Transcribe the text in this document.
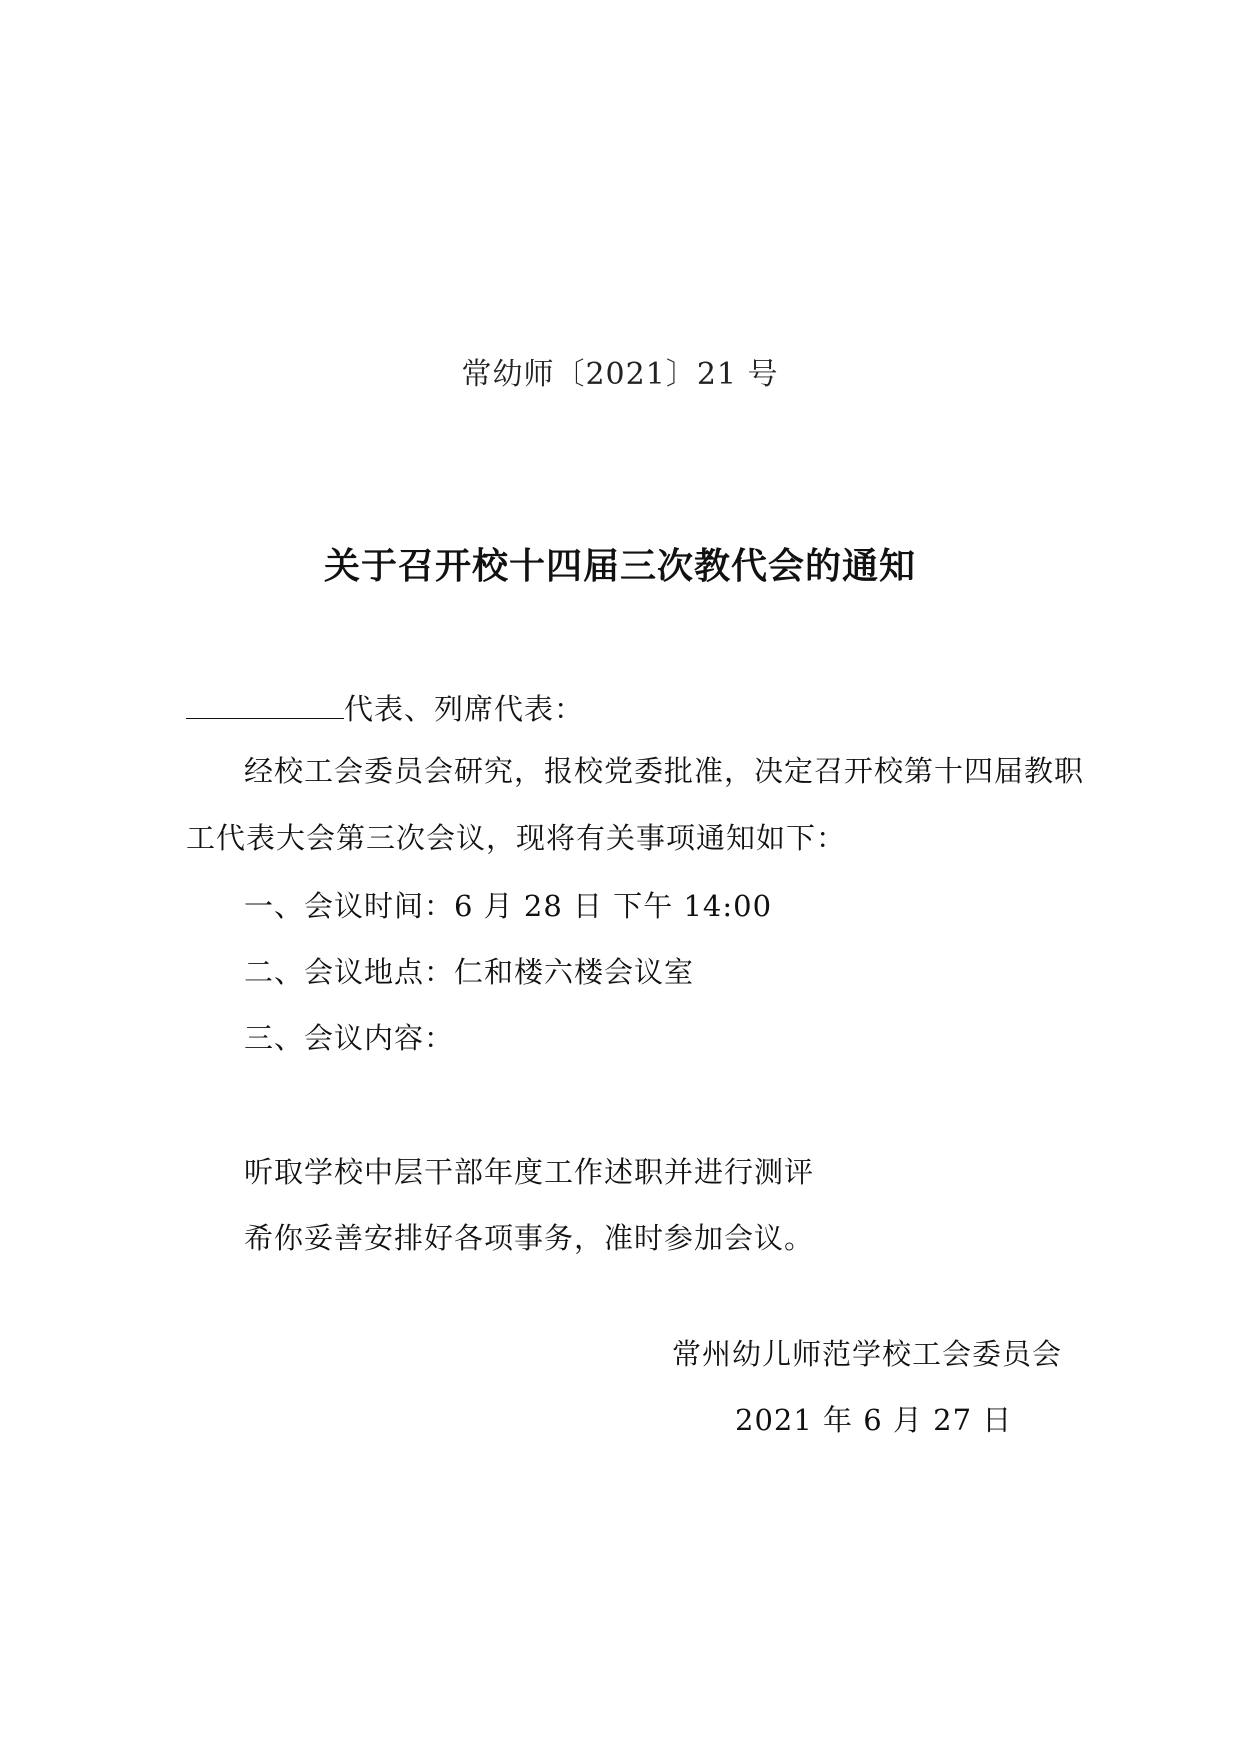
常幼师〔2021〕21 号
关于召开校十四届三次教代会的通知
代表、列席代表：
经校工会委员会研究，报校党委批准，决定召开校第十四届教职
工代表大会第三次会议，现将有关事项通知如下：
一、会议时间：6 月 28 日 下午 14:00
二、会议地点：仁和楼六楼会议室
三、会议内容：
听取学校中层干部年度工作述职并进行测评
希你妥善安排好各项事务，准时参加会议。
常州幼儿师范学校工会委员会
2021 年 6 月 27 日
